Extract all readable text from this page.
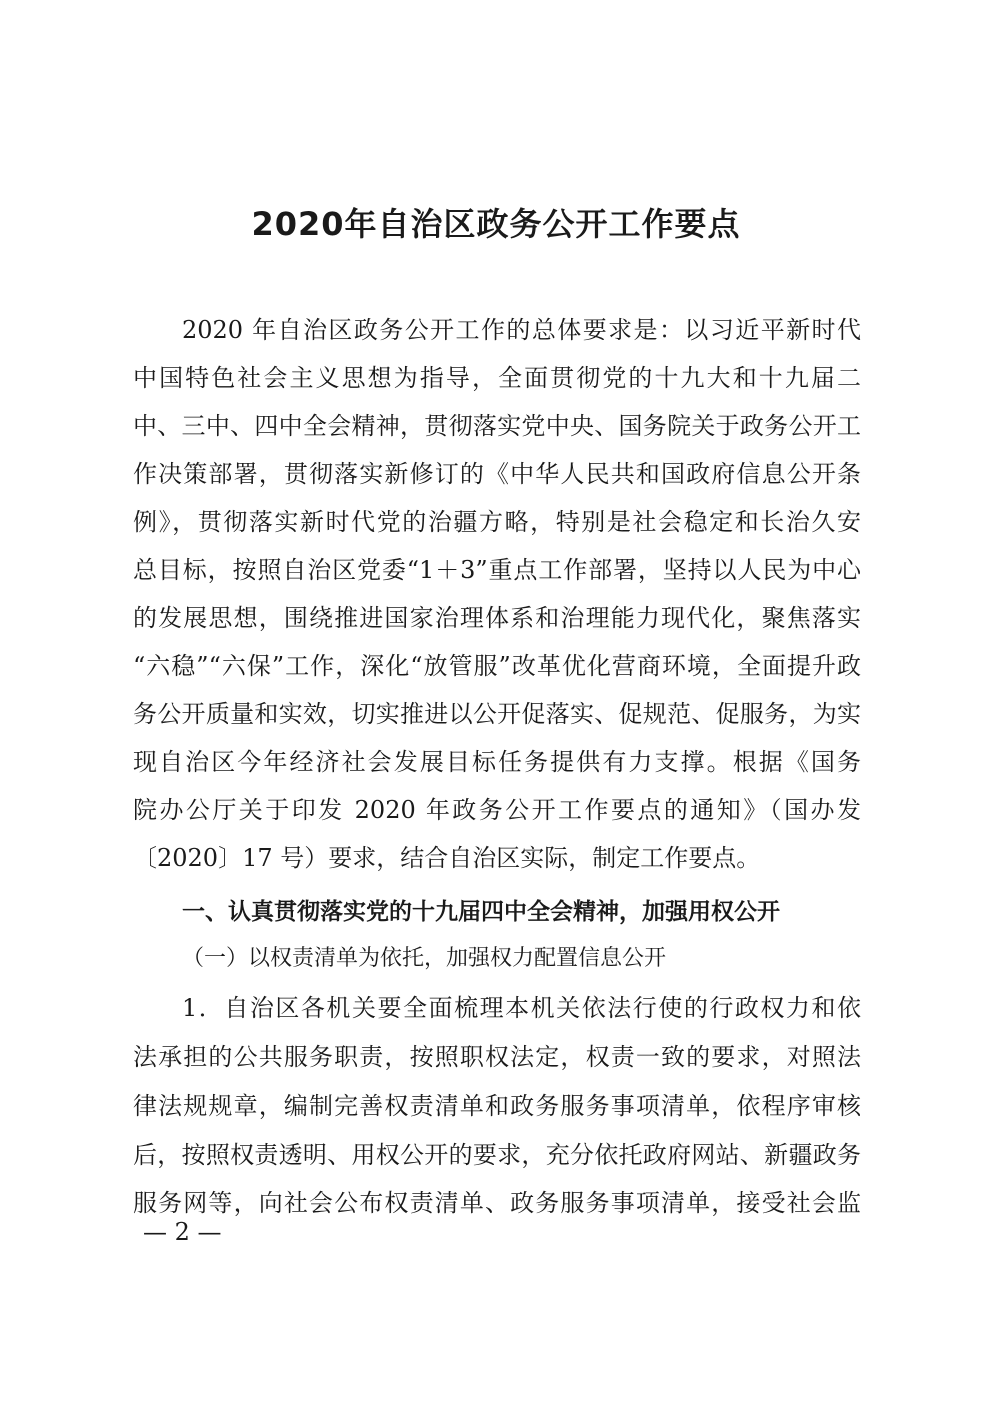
2020年自治区政务公开工作要点
2020 年自治区政务公开工作的总体要求是：以习近平新时代
中国特色社会主义思想为指导，全面贯彻党的十九大和十九届二
中、三中、四中全会精神，贯彻落实党中央、国务院关于政务公开工
作决策部署，贯彻落实新修订的《中华人民共和国政府信息公开条
例》，贯彻落实新时代党的治疆方略，特别是社会稳定和长治久安
总目标，按照自治区党委“1＋3”重点工作部署，坚持以人民为中心
的发展思想，围绕推进国家治理体系和治理能力现代化，聚焦落实
“六稳”“六保”工作，深化“放管服”改革优化营商环境，全面提升政
务公开质量和实效，切实推进以公开促落实、促规范、促服务，为实
现自治区今年经济社会发展目标任务提供有力支撑。根据《国务
院办公厅关于印发 2020 年政务公开工作要点的通知》（国办发
〔2020〕17 号）要求，结合自治区实际，制定工作要点。
一、认真贯彻落实党的十九届四中全会精神，加强用权公开
（一）以权责清单为依托，加强权力配置信息公开
1．自治区各机关要全面梳理本机关依法行使的行政权力和依
法承担的公共服务职责，按照职权法定，权责一致的要求，对照法
律法规规章，编制完善权责清单和政务服务事项清单，依程序审核
后，按照权责透明、用权公开的要求，充分依托政府网站、新疆政务
服务网等，向社会公布权责清单、政务服务事项清单，接受社会监
— 2 —
